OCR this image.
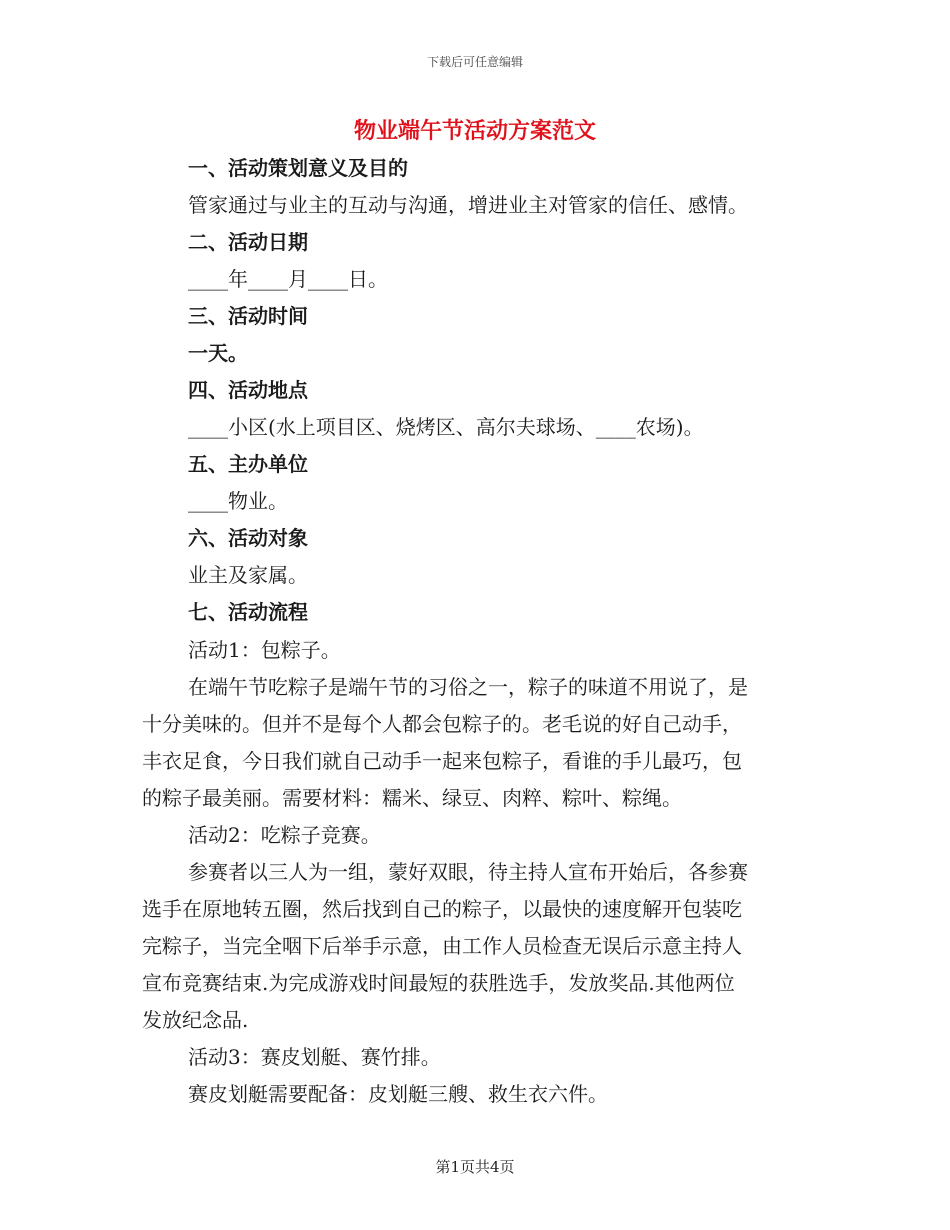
下载后可任意编辑
物业端午节活动方案范文
一、活动策划意义及目的
管家通过与业主的互动与沟通，增进业主对管家的信任、感情。
二、活动日期
____年____月____日。
三、活动时间
一天。
四、活动地点
____小区(水上项目区、烧烤区、高尔夫球场、____农场)。
五、主办单位
____物业。
六、活动对象
业主及家属。
七、活动流程
活动1：包粽子。
在端午节吃粽子是端午节的习俗之一，粽子的味道不用说了，是
十分美味的。但并不是每个人都会包粽子的。老毛说的好自己动手，
丰衣足食，今日我们就自己动手一起来包粽子，看谁的手儿最巧，包
的粽子最美丽。需要材料：糯米、绿豆、肉粹、粽叶、粽绳。
活动2：吃粽子竞赛。
参赛者以三人为一组，蒙好双眼，待主持人宣布开始后，各参赛
选手在原地转五圈，然后找到自己的粽子，以最快的速度解开包装吃
完粽子，当完全咽下后举手示意，由工作人员检查无误后示意主持人
宣布竞赛结束.为完成游戏时间最短的获胜选手，发放奖品.其他两位
发放纪念品.
活动3：赛皮划艇、赛竹排。
赛皮划艇需要配备：皮划艇三艘、救生衣六件。
第1页共4页
